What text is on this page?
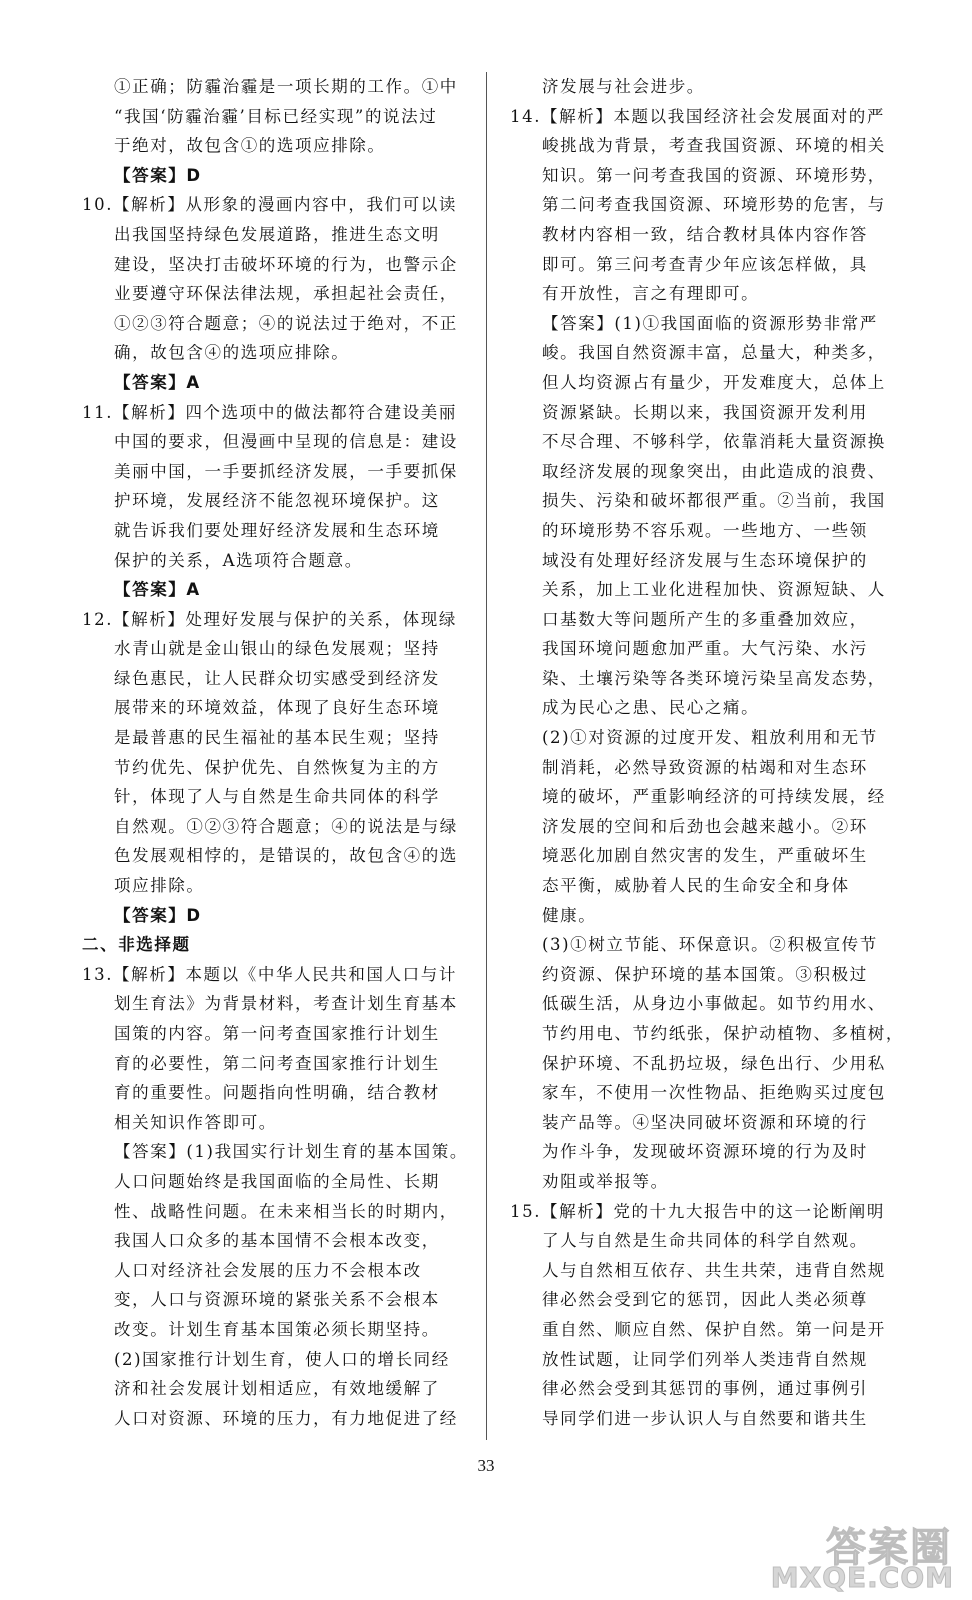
①正确；防霾治霾是一项长期的工作。①中
“我国‘防霾治霾’目标已经实现”的说法过
于绝对，故包含①的选项应排除。
【答案】D
10.【解析】从形象的漫画内容中，我们可以读
出我国坚持绿色发展道路，推进生态文明
建设，坚决打击破坏环境的行为，也警示企
业要遵守环保法律法规，承担起社会责任，
①②③符合题意；④的说法过于绝对，不正
确，故包含④的选项应排除。
【答案】A
11.【解析】四个选项中的做法都符合建设美丽
中国的要求，但漫画中呈现的信息是：建设
美丽中国，一手要抓经济发展，一手要抓保
护环境，发展经济不能忽视环境保护。这
就告诉我们要处理好经济发展和生态环境
保护的关系，A选项符合题意。
【答案】A
12.【解析】处理好发展与保护的关系，体现绿
水青山就是金山银山的绿色发展观；坚持
绿色惠民，让人民群众切实感受到经济发
展带来的环境效益，体现了良好生态环境
是最普惠的民生福祉的基本民生观；坚持
节约优先、保护优先、自然恢复为主的方
针，体现了人与自然是生命共同体的科学
自然观。①②③符合题意；④的说法是与绿
色发展观相悖的，是错误的，故包含④的选
项应排除。
【答案】D
二、非选择题
13.【解析】本题以《中华人民共和国人口与计
划生育法》为背景材料，考查计划生育基本
国策的内容。第一问考查国家推行计划生
育的必要性，第二问考查国家推行计划生
育的重要性。问题指向性明确，结合教材
相关知识作答即可。
【答案】(1)我国实行计划生育的基本国策。
人口问题始终是我国面临的全局性、长期
性、战略性问题。在未来相当长的时期内，
我国人口众多的基本国情不会根本改变，
人口对经济社会发展的压力不会根本改
变，人口与资源环境的紧张关系不会根本
改变。计划生育基本国策必须长期坚持。
(2)国家推行计划生育，使人口的增长同经
济和社会发展计划相适应，有效地缓解了
人口对资源、环境的压力，有力地促进了经
济发展与社会进步。
14.【解析】本题以我国经济社会发展面对的严
峻挑战为背景，考查我国资源、环境的相关
知识。第一问考查我国的资源、环境形势，
第二问考查我国资源、环境形势的危害，与
教材内容相一致，结合教材具体内容作答
即可。第三问考查青少年应该怎样做，具
有开放性，言之有理即可。
【答案】(1)①我国面临的资源形势非常严
峻。我国自然资源丰富，总量大，种类多，
但人均资源占有量少，开发难度大，总体上
资源紧缺。长期以来，我国资源开发利用
不尽合理、不够科学，依靠消耗大量资源换
取经济发展的现象突出，由此造成的浪费、
损失、污染和破坏都很严重。②当前，我国
的环境形势不容乐观。一些地方、一些领
域没有处理好经济发展与生态环境保护的
关系，加上工业化进程加快、资源短缺、人
口基数大等问题所产生的多重叠加效应，
我国环境问题愈加严重。大气污染、水污
染、土壤污染等各类环境污染呈高发态势，
成为民心之患、民心之痛。
(2)①对资源的过度开发、粗放利用和无节
制消耗，必然导致资源的枯竭和对生态环
境的破坏，严重影响经济的可持续发展，经
济发展的空间和后劲也会越来越小。②环
境恶化加剧自然灾害的发生，严重破坏生
态平衡，威胁着人民的生命安全和身体
健康。
(3)①树立节能、环保意识。②积极宣传节
约资源、保护环境的基本国策。③积极过
低碳生活，从身边小事做起。如节约用水、
节约用电、节约纸张，保护动植物、多植树，
保护环境、不乱扔垃圾，绿色出行、少用私
家车，不使用一次性物品、拒绝购买过度包
装产品等。④坚决同破坏资源和环境的行
为作斗争，发现破坏资源环境的行为及时
劝阻或举报等。
15.【解析】党的十九大报告中的这一论断阐明
了人与自然是生命共同体的科学自然观。
人与自然相互依存、共生共荣，违背自然规
律必然会受到它的惩罚，因此人类必须尊
重自然、顺应自然、保护自然。第一问是开
放性试题，让同学们列举人类违背自然规
律必然会受到其惩罚的事例，通过事例引
导同学们进一步认识人与自然要和谐共生
33
答案圈
MXQE.COM
